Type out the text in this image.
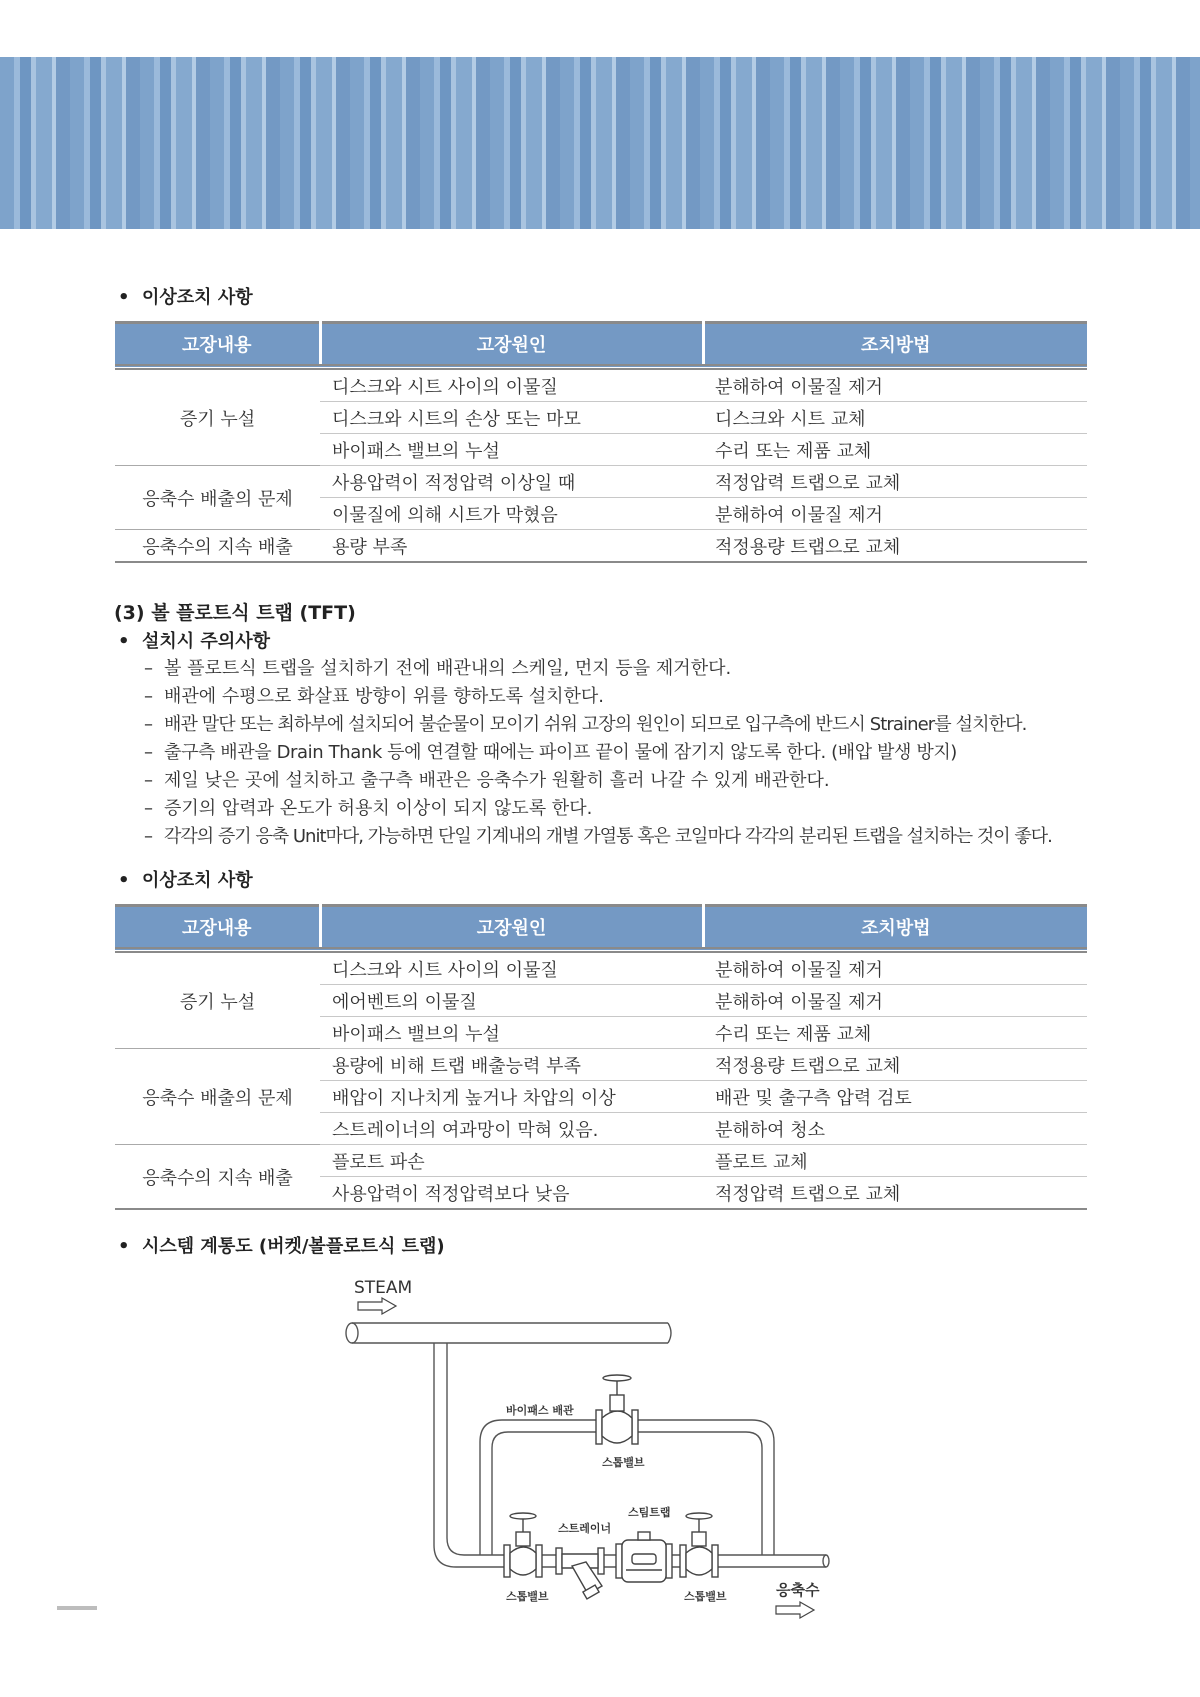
• 이상조치 사항
고장내용	고장원인	조치방법
증기 누설	디스크와 시트 사이의 이물질	분해하여 이물질 제거
	디스크와 시트의 손상 또는 마모	디스크와 시트 교체
	바이패스 밸브의 누설	수리 또는 제품 교체
응축수 배출의 문제	사용압력이 적정압력 이상일 때	적정압력 트랩으로 교체
	이물질에 의해 시트가 막혔음	분해하여 이물질 제거
응축수의 지속 배출	용량 부족	적정용량 트랩으로 교체
(3) 볼 플로트식 트랩 (TFT)
• 설치시 주의사항
– 볼 플로트식 트랩을 설치하기 전에 배관내의 스케일, 먼지 등을 제거한다.
– 배관에 수평으로 화살표 방향이 위를 향하도록 설치한다.
– 배관 말단 또는 최하부에 설치되어 불순물이 모이기 쉬워 고장의 원인이 되므로 입구측에 반드시 Strainer를 설치한다.
– 출구측 배관을 Drain Thank 등에 연결할 때에는 파이프 끝이 물에 잠기지 않도록 한다. (배압 발생 방지)
– 제일 낮은 곳에 설치하고 출구측 배관은 응축수가 원활히 흘러 나갈 수 있게 배관한다.
– 증기의 압력과 온도가 허용치 이상이 되지 않도록 한다.
– 각각의 증기 응축 Unit마다, 가능하면 단일 기계내의 개별 가열통 혹은 코일마다 각각의 분리된 트랩을 설치하는 것이 좋다.
• 이상조치 사항
고장내용	고장원인	조치방법
증기 누설	디스크와 시트 사이의 이물질	분해하여 이물질 제거
	에어벤트의 이물질	분해하여 이물질 제거
	바이패스 밸브의 누설	수리 또는 제품 교체
응축수 배출의 문제	용량에 비해 트랩 배출능력 부족	적정용량 트랩으로 교체
	배압이 지나치게 높거나 차압의 이상	배관 및 출구측 압력 검토
	스트레이너의 여과망이 막혀 있음.	분해하여 청소
응축수의 지속 배출	플로트 파손	플로트 교체
	사용압력이 적정압력보다 낮음	적정압력 트랩으로 교체
• 시스템 계통도 (버켓/볼플로트식 트랩)
STEAM
바이패스 배관
스톱밸브
스트레이너
스팀트랩
스톱밸브	스톱밸브	응축수
